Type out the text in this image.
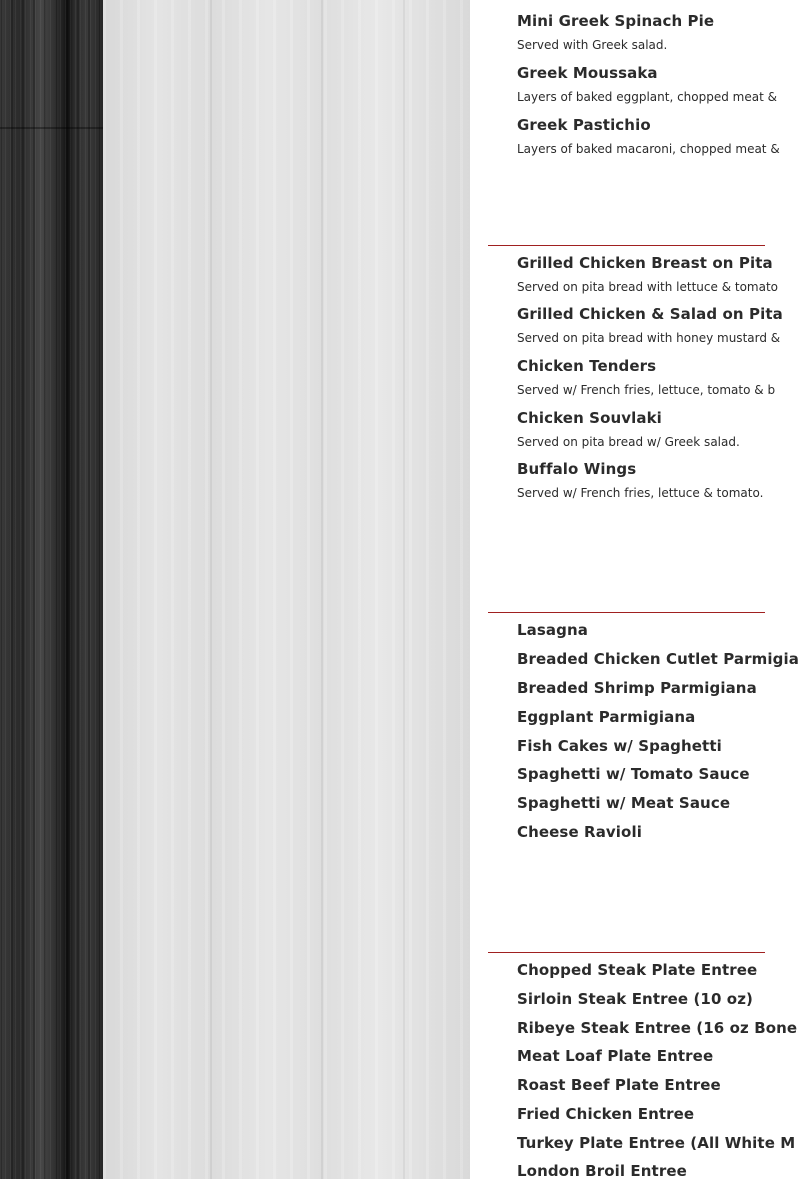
Mini Greek Spinach Pie
Served with Greek salad.
Greek Moussaka
Layers of baked eggplant, chopped meat &
Greek Pastichio
Layers of baked macaroni, chopped meat &
Grilled Chicken Breast on Pita
Served on pita bread with lettuce & tomato
Grilled Chicken & Salad on Pita
Served on pita bread with honey mustard &
Chicken Tenders
Served w/ French fries, lettuce, tomato & b
Chicken Souvlaki
Served on pita bread w/ Greek salad.
Buffalo Wings
Served w/ French fries, lettuce & tomato.
Lasagna
Breaded Chicken Cutlet Parmigia
Breaded Shrimp Parmigiana
Eggplant Parmigiana
Fish Cakes w/ Spaghetti
Spaghetti w/ Tomato Sauce
Spaghetti w/ Meat Sauce
Cheese Ravioli
Chopped Steak Plate Entree
Sirloin Steak Entree (10 oz)
Ribeye Steak Entree (16 oz Bone
Meat Loaf Plate Entree
Roast Beef Plate Entree
Fried Chicken Entree
Turkey Plate Entree (All White M
London Broil Entree
